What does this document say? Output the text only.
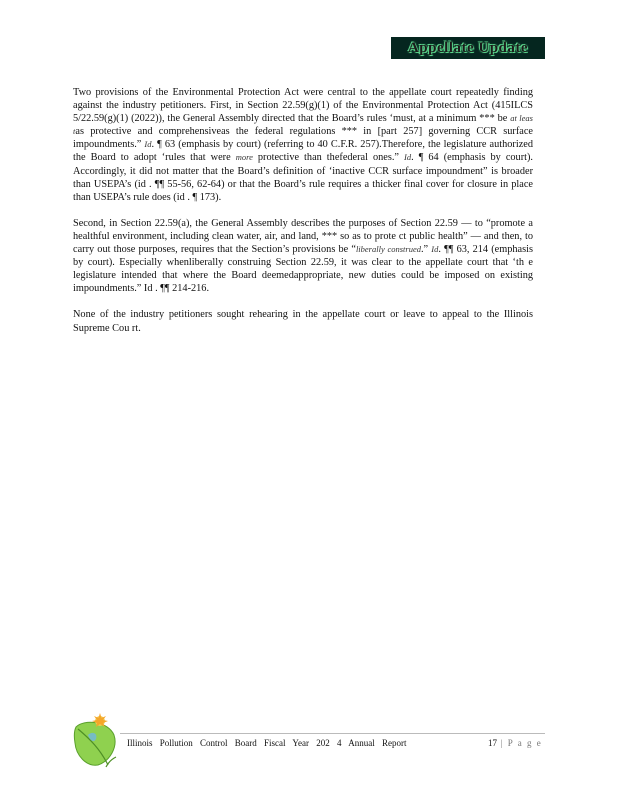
Appellate Update

Two provisions of the Environmental Protection Act were central to the appellate court repeatedly finding against the industry petitioners. First, in Section 22.59(g)(1) of the Environmental Protection Act (415ILCS 5/22.59(g)(1) (2022)), the General Assembly directed that the Board’s rules ‘must, at a minimum *** be at leas tas protective and comprehensiveas the federal regulations *** in [part 257] governing CCR surface impoundments.” Id. ¶ 63 (emphasis by court) (referring to 40 C.F.R. 257).Therefore, the legislature authorized the Board to adopt ‘rules that were more protective than thefederal ones.” Id. ¶ 64 (emphasis by court). Accordingly, it did not matter that the Board’s definition of ‘inactive CCR surface impoundment” is broader than USEPA’s (id . ¶¶ 55-56, 62-64) or that the Board’s rule requires a thicker final cover for closure in place than USEPA’s rule does (id . ¶ 173).

Second, in Section 22.59(a), the General Assembly describes the purposes of Section 22.59 — to “promote a healthful environment, including clean water, air, and land, *** so as to prote ct public health” — and then, to carry out those purposes, requires that the Section’s provisions be “liberally construed.” Id. ¶¶ 63, 214 (emphasis by court). Especially whenliberally construing Section 22.59, it was clear to the appellate court that ‘th e legislature intended that where the Board deemedappropriate, new duties could be imposed on existing impoundments.” Id . ¶¶ 214-216.

None of the industry petitioners sought rehearing in the appellate court or leave to appeal to the Illinois Supreme Cou rt.

Illinois Pollution Control Board Fiscal Year 202 4 Annual Report	17 | P a g e
